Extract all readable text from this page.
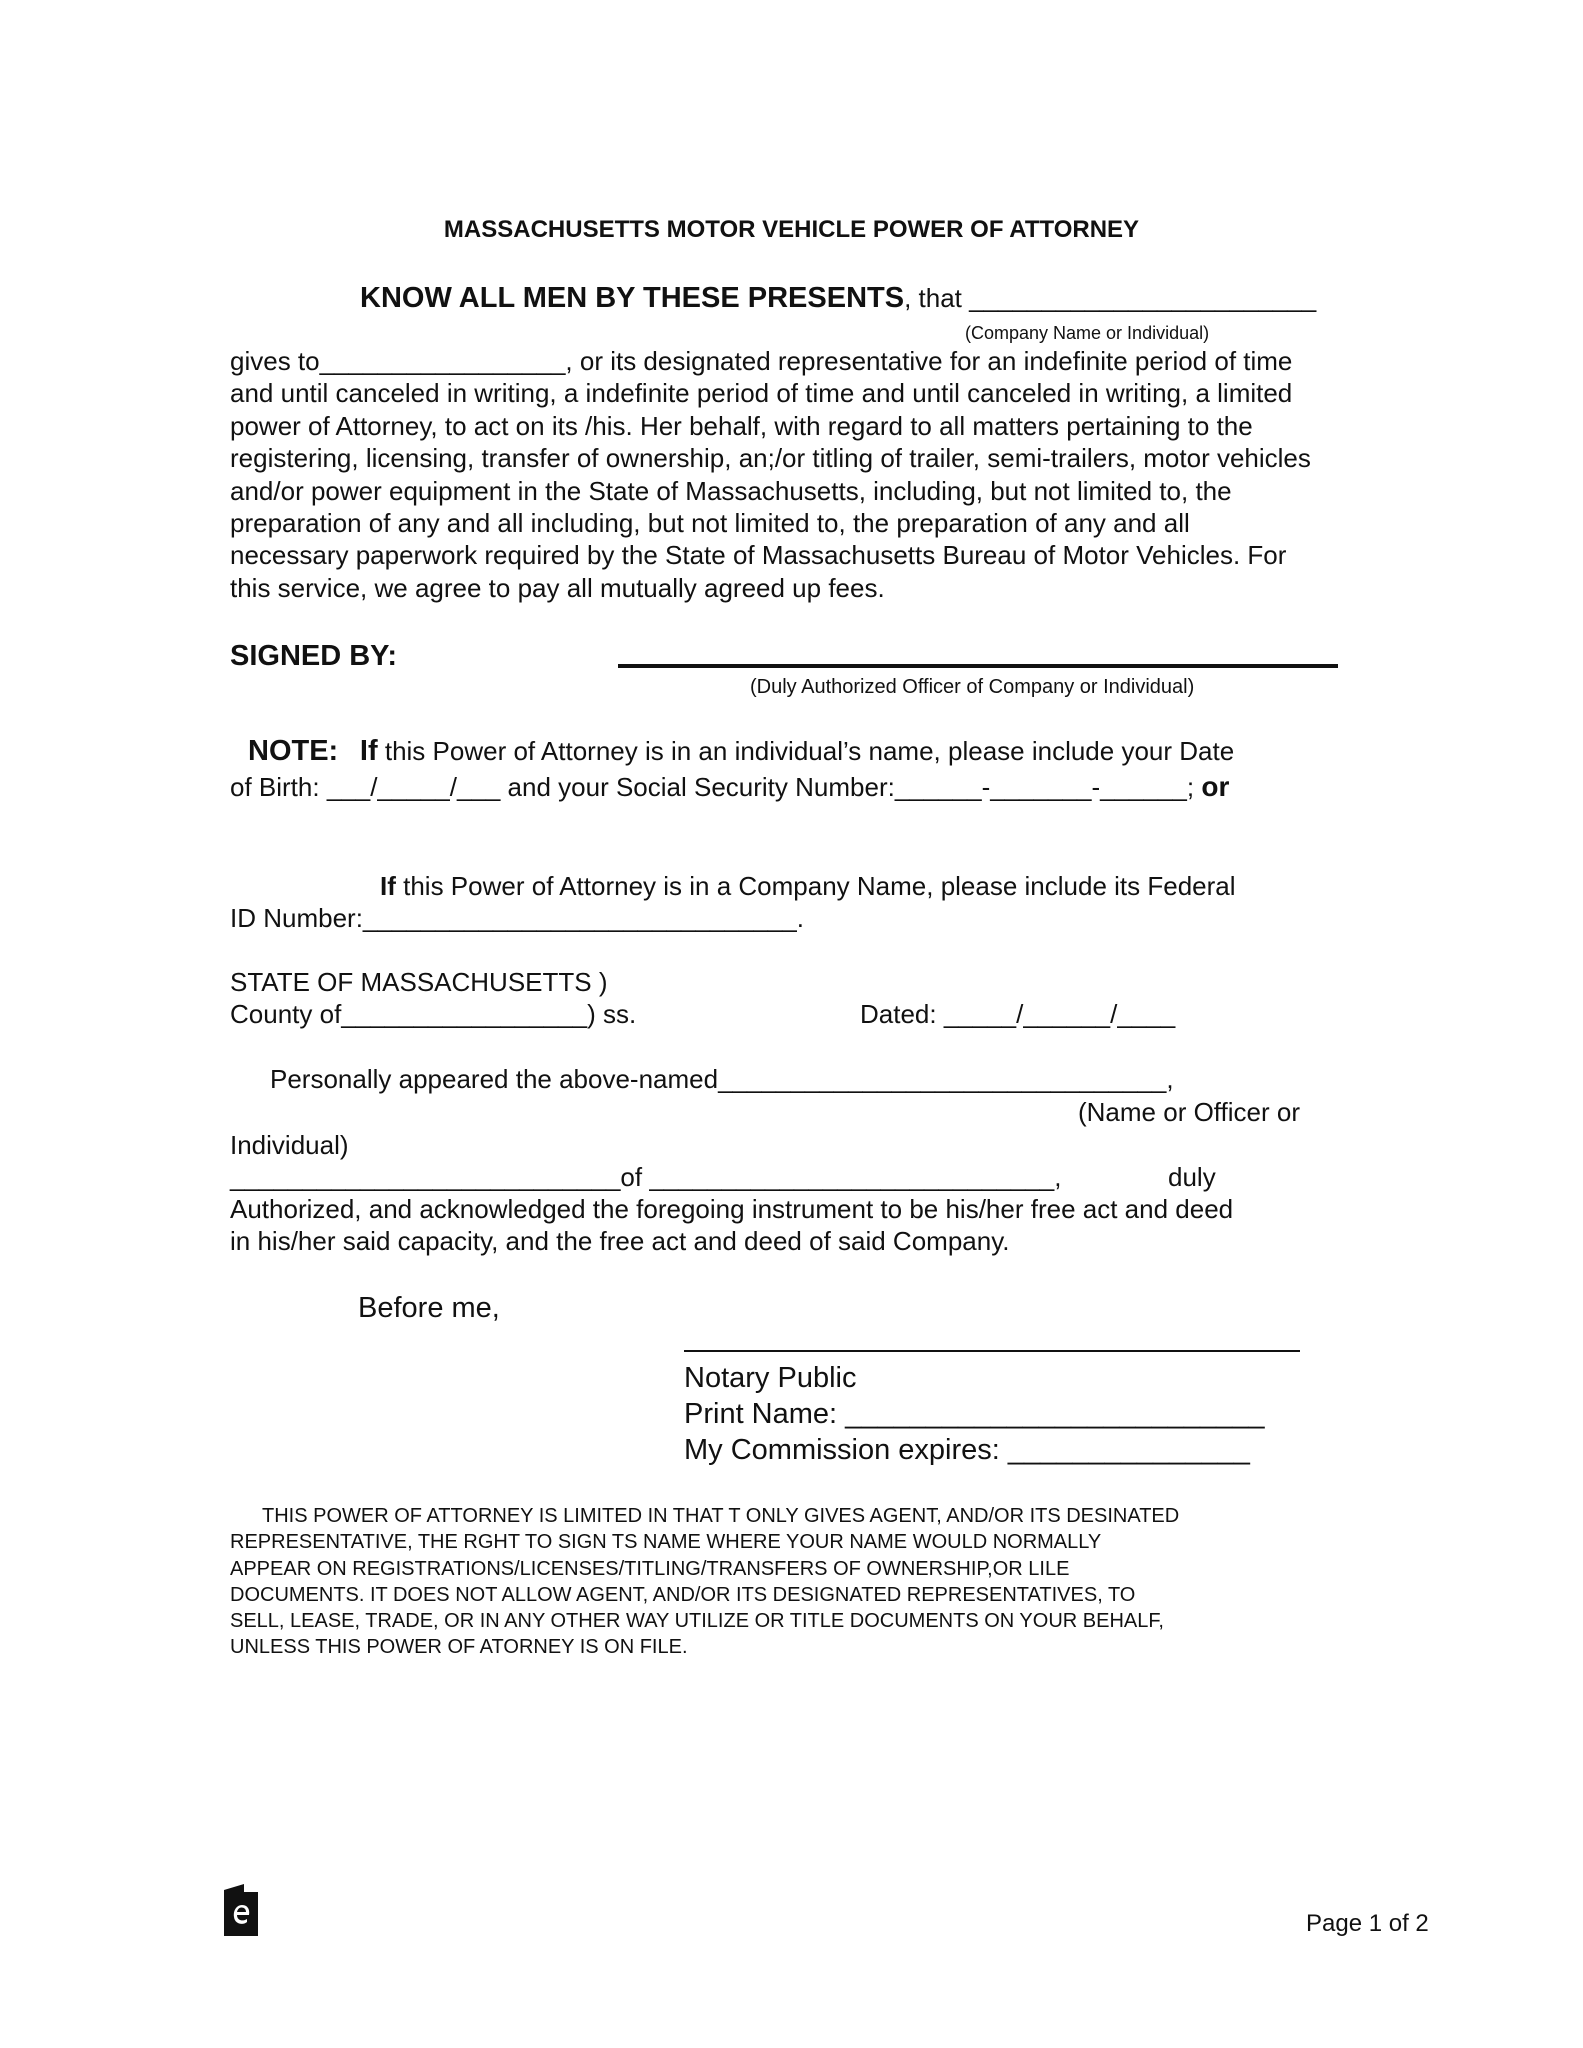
MASSACHUSETTS MOTOR VEHICLE POWER OF ATTORNEY
KNOW ALL MEN BY THESE PRESENTS, that ________________________
(Company Name or Individual)
gives to_________________, or its designated representative for an indefinite period of time
and until canceled in writing, a indefinite period of time and until canceled in writing, a limited
power of Attorney, to act on its /his. Her behalf, with regard to all matters pertaining to the
registering, licensing, transfer of ownership, an;/or titling of trailer, semi-trailers, motor vehicles
and/or power equipment in the State of Massachusetts, including, but not limited to, the
preparation of any and all including, but not limited to, the preparation of any and all
necessary paperwork required by the State of Massachusetts Bureau of Motor Vehicles. For
this service, we agree to pay all mutually agreed up fees.
SIGNED BY:
(Duly Authorized Officer of Company or Individual)
NOTE: If this Power of Attorney is in an individual’s name, please include your Date
of Birth: ___/_____/___ and your Social Security Number:______-_______-______; or
If this Power of Attorney is in a Company Name, please include its Federal
ID Number:______________________________.
STATE OF MASSACHUSETTS )
County of_________________) ss.	Dated: _____/______/____
Personally appeared the above-named_______________________________,
(Name or Officer or
Individual)
___________________________of ____________________________,	duly
Authorized, and acknowledged the foregoing instrument to be his/her free act and deed
in his/her said capacity, and the free act and deed of said Company.
Before me,
Notary Public
Print Name: __________________________
My Commission expires: _______________
THIS POWER OF ATTORNEY IS LIMITED IN THAT T ONLY GIVES AGENT, AND/OR ITS DESINATED
REPRESENTATIVE, THE RGHT TO SIGN TS NAME WHERE YOUR NAME WOULD NORMALLY
APPEAR ON REGISTRATIONS/LICENSES/TITLING/TRANSFERS OF OWNERSHIP,OR LILE
DOCUMENTS. IT DOES NOT ALLOW AGENT, AND/OR ITS DESIGNATED REPRESENTATIVES, TO
SELL, LEASE, TRADE, OR IN ANY OTHER WAY UTILIZE OR TITLE DOCUMENTS ON YOUR BEHALF,
UNLESS THIS POWER OF ATORNEY IS ON FILE.
Page 1 of 2
